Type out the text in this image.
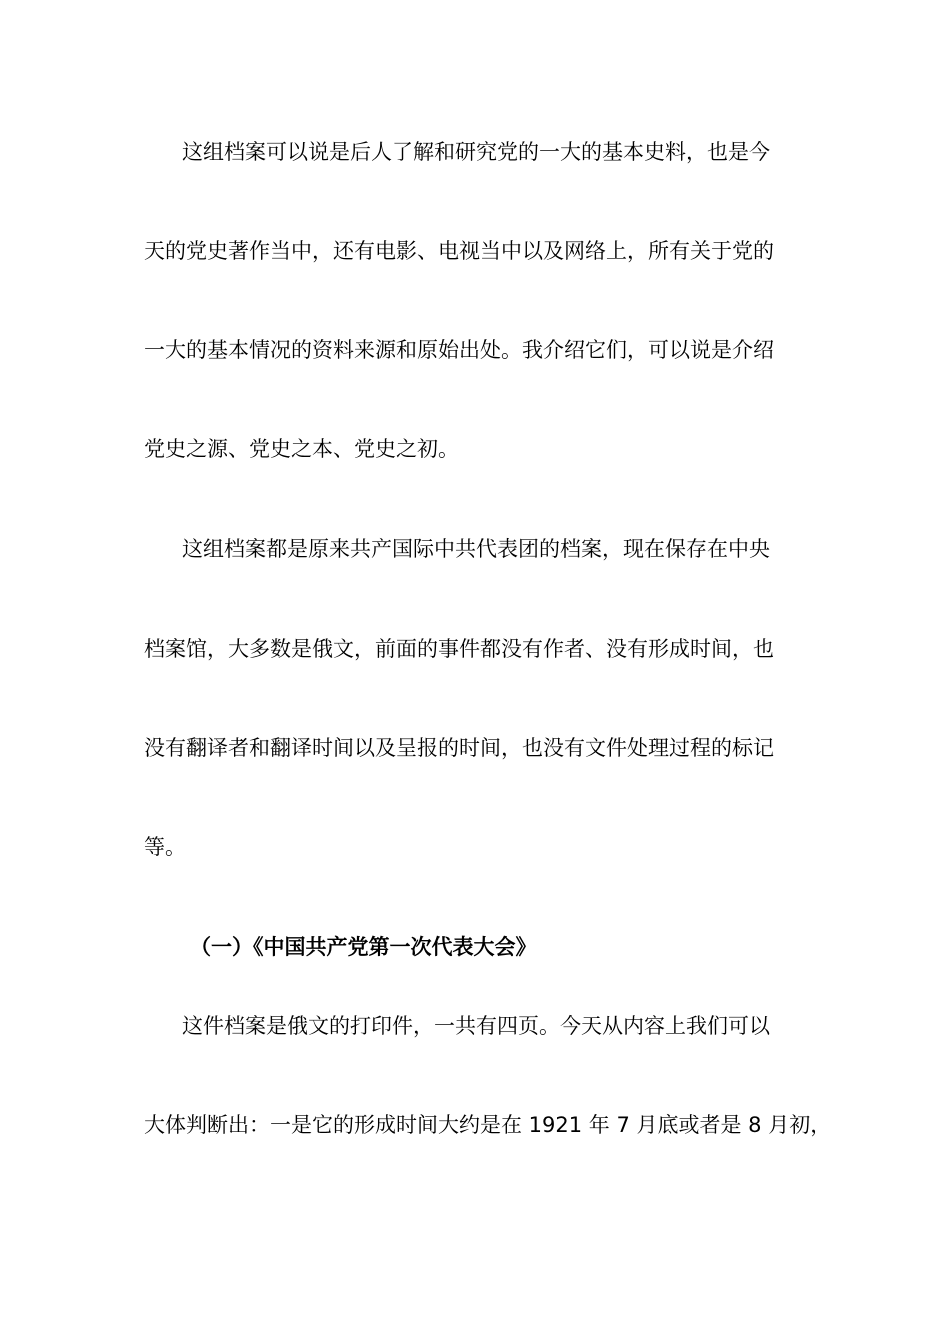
这组档案可以说是后人了解和研究党的一大的基本史料，也是今
天的党史著作当中，还有电影、电视当中以及网络上，所有关于党的
一大的基本情况的资料来源和原始出处。我介绍它们，可以说是介绍
党史之源、党史之本、党史之初。
这组档案都是原来共产国际中共代表团的档案，现在保存在中央
档案馆，大多数是俄文，前面的事件都没有作者、没有形成时间，也
没有翻译者和翻译时间以及呈报的时间，也没有文件处理过程的标记
等。
（一）《中国共产党第一次代表大会》
这件档案是俄文的打印件，一共有四页。今天从内容上我们可以
大体判断出：一是它的形成时间大约是在 1921 年 7 月底或者是 8 月初，
